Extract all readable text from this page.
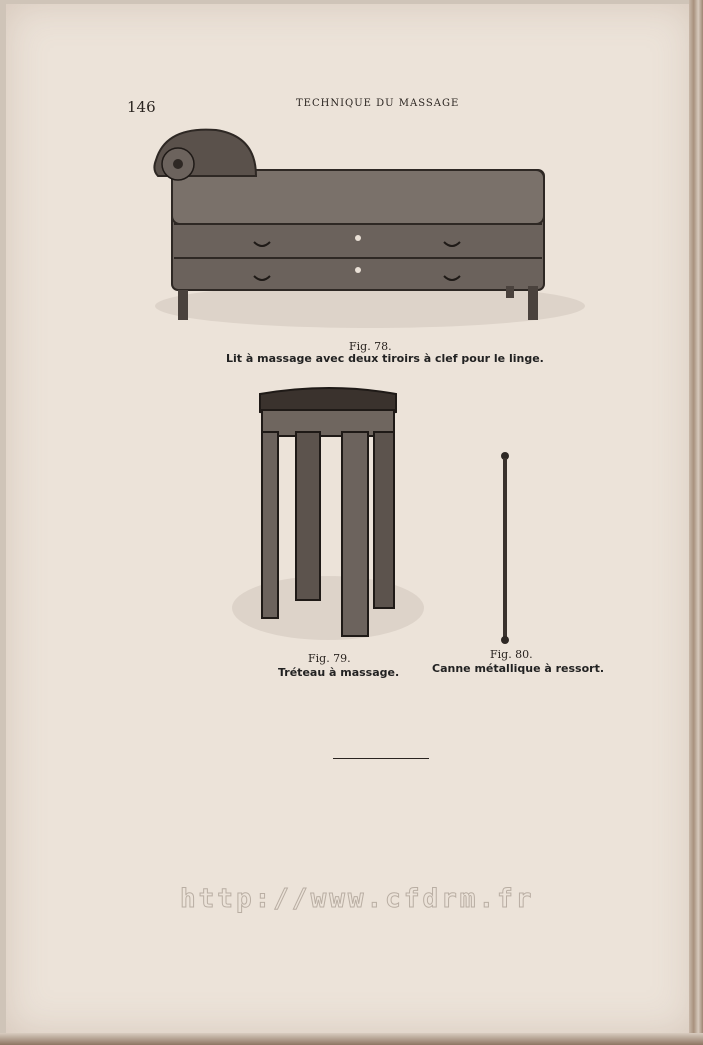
146	TECHNIQUE DU MASSAGE
Fig. 78.
Lit à massage avec deux tiroirs à clef pour le linge.
Fig. 79.
Tréteau à massage.
Fig. 80.
Canne métallique à ressort.
http://www.cfdrm.fr
